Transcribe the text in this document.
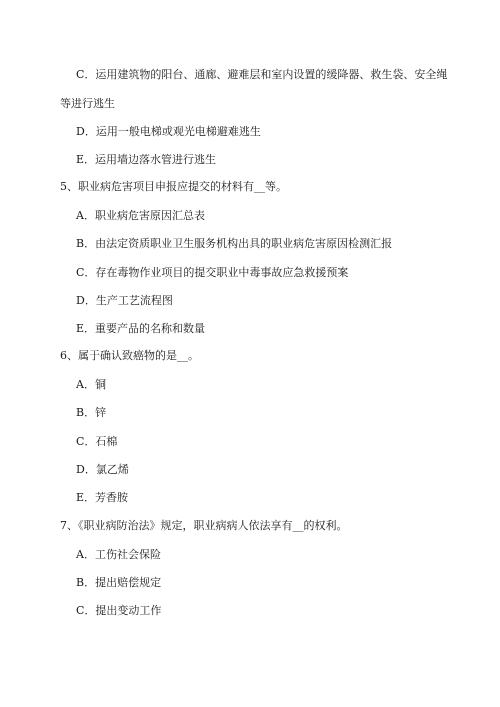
C．运用建筑物的阳台、通廊、避难层和室内设置的缓降器、救生袋、安全绳
等进行逃生
D．运用一般电梯或观光电梯避难逃生
E．运用墙边落水管进行逃生
5、职业病危害项目申报应提交的材料有__等。
A．职业病危害原因汇总表
B．由法定资质职业卫生服务机构出具的职业病危害原因检测汇报
C．存在毒物作业项目的提交职业中毒事故应急救援预案
D．生产工艺流程图
E．重要产品的名称和数量
6、属于确认致癌物的是__。
A．铜
B．锌
C．石棉
D．氯乙烯
E．芳香胺
7、《职业病防治法》规定，职业病病人依法享有__的权利。
A．工伤社会保险
B．提出赔偿规定
C．提出变动工作
